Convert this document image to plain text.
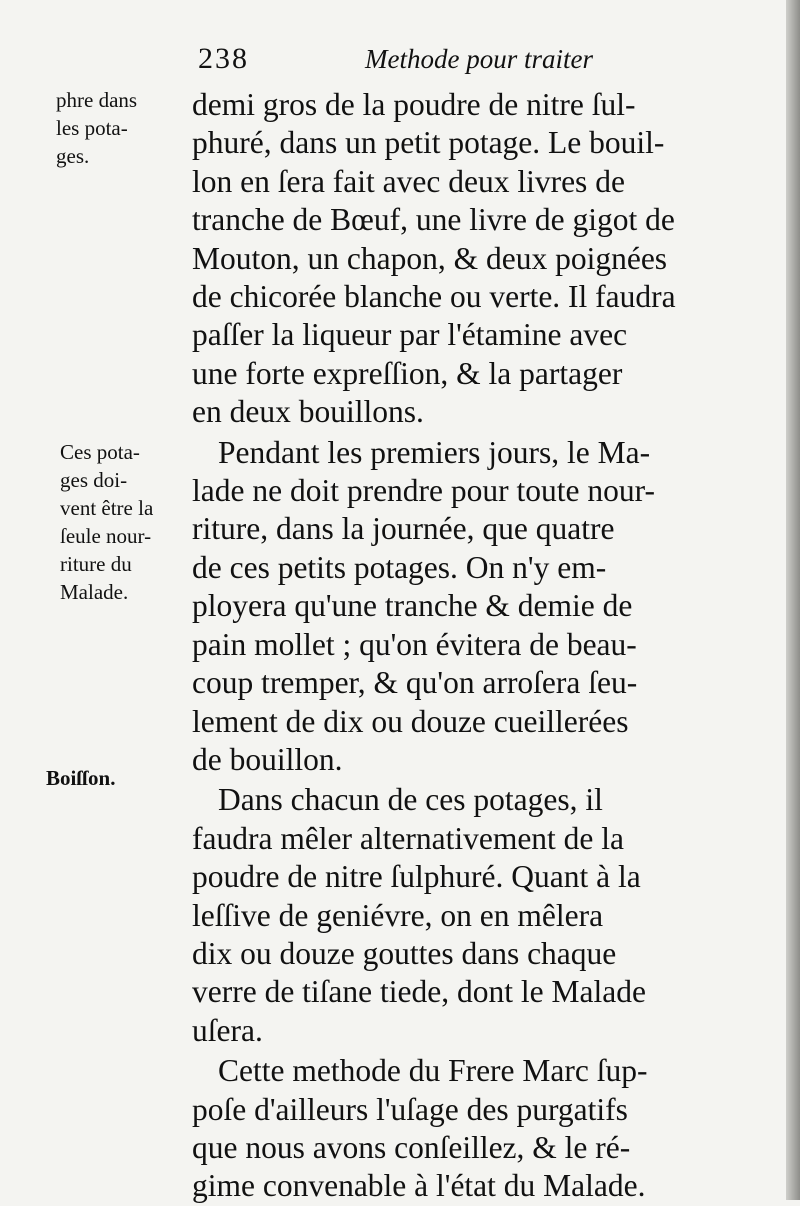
238	Methode pour traiter
phre dans
les pota-
ges.
Ces pota-
ges doi-
vent être la
ſeule nour-
riture du
Malade.
Boiſſon.

demi gros de la poudre de nitre ſul-
phuré, dans un petit potage. Le bouil-
lon en ſera fait avec deux livres de
tranche de Bœuf, une livre de gigot de
Mouton, un chapon, & deux poignées
de chicorée blanche ou verte. Il faudra
paſſer la liqueur par l'étamine avec
une forte expreſſion, & la partager
en deux bouillons.

Pendant les premiers jours, le Ma-
lade ne doit prendre pour toute nour-
riture, dans la journée, que quatre
de ces petits potages. On n'y em-
ployera qu'une tranche & demie de
pain mollet ; qu'on évitera de beau-
coup tremper, & qu'on arroſera ſeu-
lement de dix ou douze cueillerées
de bouillon.

Dans chacun de ces potages, il
faudra mêler alternativement de la
poudre de nitre ſulphuré. Quant à la
leſſive de geniévre, on en mêlera
dix ou douze gouttes dans chaque
verre de tiſane tiede, dont le Malade
uſera.

Cette methode du Frere Marc ſup-
poſe d'ailleurs l'uſage des purgatifs
que nous avons conſeillez, & le ré-
gime convenable à l'état du Malade.
